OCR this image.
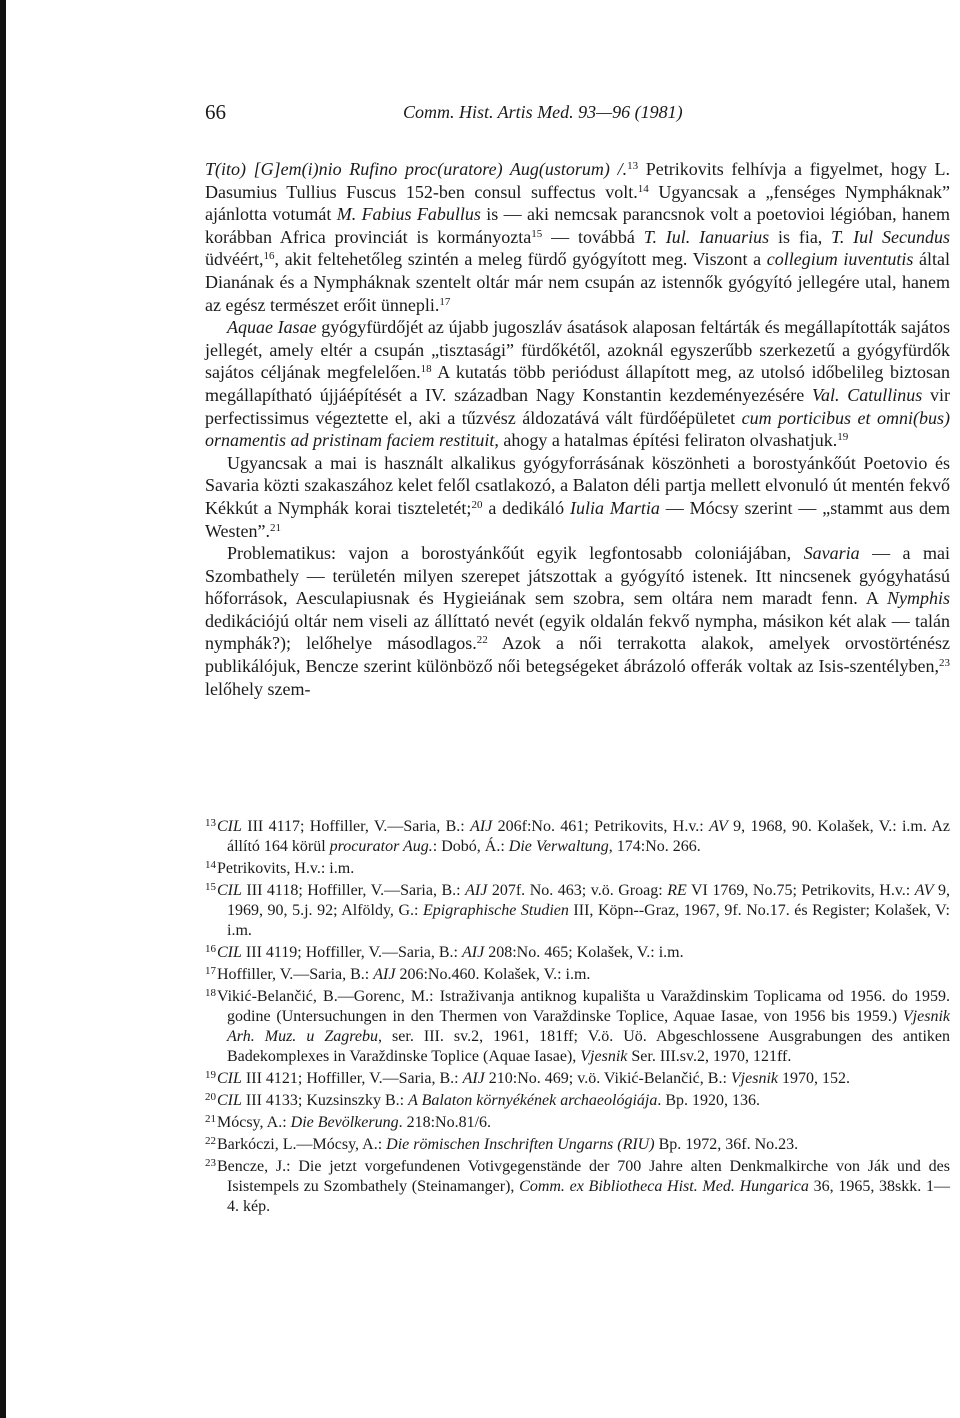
66	Comm. Hist. Artis Med. 93—96 (1981)

T(ito) [G]em(i)nio Rufino proc(uratore) Aug(ustorum) /.$^{13}$ Petrikovits felhívja a figyelmet, hogy L. Dasumius Tullius Fuscus 152-ben consul suffectus volt.$^{14}$ Ugyancsak a „fenséges Nympháknak” ajánlotta votumát M. Fabius Fabullus is — aki nemcsak parancsnok volt a poetovioi légióban, hanem korábban Africa provinciát is kormányozta$^{15}$ — továbbá T. Iul. Ianuarius is fia, T. Iul Secundus üdvéért,$^{16}$, akit feltehetőleg szintén a meleg fürdő gyógyított meg. Viszont a collegium iuventutis által Dianának és a Nympháknak szentelt oltár már nem csupán az istennők gyógyító jellegére utal, hanem az egész természet erőit ünnepli.$^{17}$

Aquae Iasae gyógyfürdőjét az újabb jugoszláv ásatások alaposan feltárták és megállapították sajátos jellegét, amely eltér a csupán „tisztasági” fürdőkétől, azoknál egyszerűbb szerkezetű a gyógyfürdők sajátos céljának megfelelően.$^{18}$ A kutatás több periódust állapított meg, az utolsó időbelileg biztosan megállapítható újjáépítését a IV. században Nagy Konstantin kezdeményezésére Val. Catullinus vir perfectissimus végeztette el, aki a tűzvész áldozatává vált fürdőépületet cum porticibus et omni(bus) ornamentis ad pristinam faciem restituit, ahogy a hatalmas építési feliraton olvashatjuk.$^{19}$

Ugyancsak a mai is használt alkalikus gyógyforrásának köszönheti a borostyánkőút Poetovio és Savaria közti szakaszához kelet felől csatlakozó, a Balaton déli partja mellett elvonuló út mentén fekvő Kékkút a Nymphák korai tiszteletét;$^{20}$ a dedikáló Iulia Martia — Mócsy szerint — „stammt aus dem Westen”.$^{21}$

Problematikus: vajon a borostyánkőút egyik legfontosabb coloniájában, Savaria — a mai Szombathely — területén milyen szerepet játszottak a gyógyító istenek. Itt nincsenek gyógyhatású hőforrások, Aesculapiusnak és Hygieiának sem szobra, sem oltára nem maradt fenn. A Nymphis dedikációjú oltár nem viseli az állíttató nevét (egyik oldalán fekvő nympha, másikon két alak — talán nymphák?); lelőhelye másodlagos.$^{22}$ Azok a női terrakotta alakok, amelyek orvostörténész publikálójuk, Bencze szerint különböző női betegségeket ábrázoló offerák voltak az Isis-szentélyben,$^{23}$ lelőhely szem-

$^{13}$CIL III 4117; Hoffiller, V.—Saria, B.: AIJ 206f:No. 461; Petrikovits, H.v.: AV 9, 1968, 90. Kolašek, V.: i.m. Az állító 164 körül procurator Aug.: Dobó, Á.: Die Verwaltung, 174:No. 266.
$^{14}$Petrikovits, H.v.: i.m.
$^{15}$CIL III 4118; Hoffiller, V.—Saria, B.: AIJ 207f. No. 463; v.ö. Groag: RE VI 1769, No.75; Petrikovits, H.v.: AV 9, 1969, 90, 5.j. 92; Alföldy, G.: Epigraphische Studien III, Köpn--Graz, 1967, 9f. No.17. és Register; Kolašek, V: i.m.
$^{16}$CIL III 4119; Hoffiller, V.—Saria, B.: AIJ 208:No. 465; Kolašek, V.: i.m.
$^{17}$Hoffiller, V.—Saria, B.: AIJ 206:No.460. Kolašek, V.: i.m.
$^{18}$Vikić-Belančić, B.—Gorenc, M.: Istraživanja antiknog kupališta u Varaždinskim Toplicama od 1956. do 1959. godine (Untersuchungen in den Thermen von Varaždinske Toplice, Aquae Iasae, von 1956 bis 1959.) Vjesnik Arh. Muz. u Zagrebu, ser. III. sv.2, 1961, 181ff; V.ö. Uö. Abgeschlossene Ausgrabungen des antiken Badekomplexes in Varaždinske Toplice (Aquae Iasae), Vjesnik Ser. III.sv.2, 1970, 121ff.
$^{19}$CIL III 4121; Hoffiller, V.—Saria, B.: AIJ 210:No. 469; v.ö. Vikić-Belančić, B.: Vjesnik 1970, 152.
$^{20}$CIL III 4133; Kuzsinszky B.: A Balaton környékének archaeológiája. Bp. 1920, 136.
$^{21}$Mócsy, A.: Die Bevölkerung. 218:No.81/6.
$^{22}$Barkóczi, L.—Mócsy, A.: Die römischen Inschriften Ungarns (RIU) Bp. 1972, 36f. No.23.
$^{23}$Bencze, J.: Die jetzt vorgefundenen Votivgegenstände der 700 Jahre alten Denkmalkirche von Ják und des Isistempels zu Szombathely (Steinamanger), Comm. ex Bibliotheca Hist. Med. Hungarica 36, 1965, 38skk. 1—4. kép.
